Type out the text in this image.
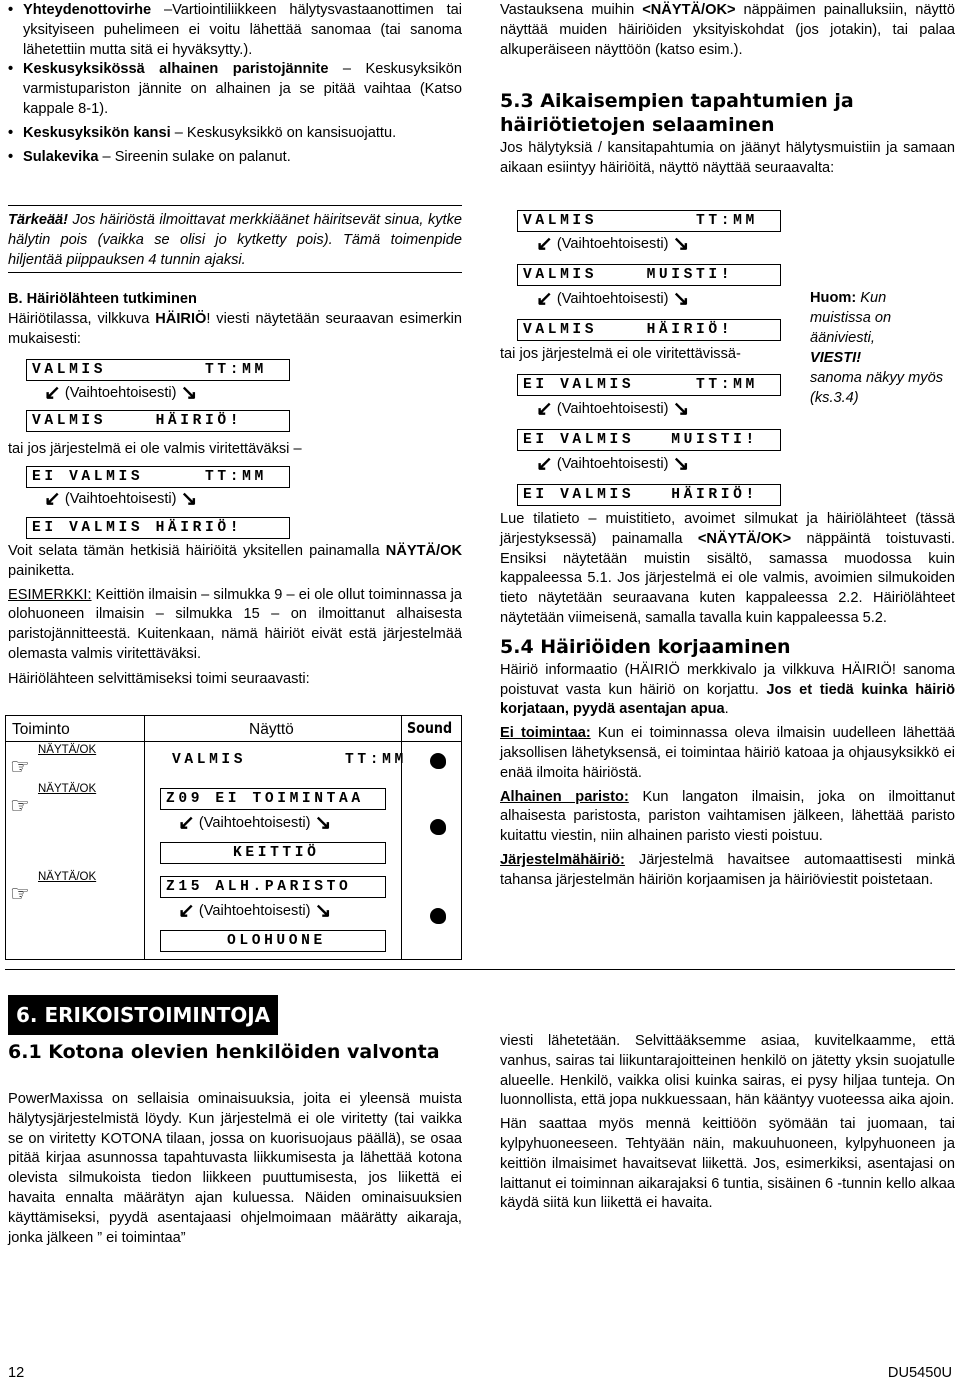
• Yhteydenottovirhe –Vartiointiliikkeen hälytysvastaanottimen tai yksityiseen puhelimeen ei voitu lähettää sanomaa (tai sanoma lähetettiin mutta sitä ei hyväksytty.).
• Keskusyksikössä alhainen paristojännite – Keskusyksikön varmistupariston jännite on alhainen ja se pitää vaihtaa (Katso kappale 8-1).
• Keskusyksikön kansi – Keskusyksikkö on kansisuojattu.
• Sulakevika – Sireenin sulake on palanut.

Tärkeää! Jos häiriöstä ilmoittavat merkkiäänet häiritsevät sinua, kytke hälytin pois (vaikka se olisi jo kytketty pois). Tämä toimenpide hiljentää piippauksen 4 tunnin ajaksi.

B. Häiriölähteen tutkiminen

Häiriötilassa, vilkkuva HÄIRIÖ! viesti näytetään seuraavan esimerkin mukaisesti:

VALMIS        TT:MM
↙ (Vaihtoehtoisesti) ↘
VALMIS    HÄIRIÖ!
tai jos järjestelmä ei ole valmis viritettäväksi –
EI VALMIS     TT:MM
↙ (Vaihtoehtoisesti) ↘
EI VALMIS HÄIRIÖ!

Voit selata tämän hetkisiä häiriöitä yksitellen painamalla NÄYTÄ/OK painiketta.

ESIMERKKI: Keittiön ilmaisin – silmukka 9 – ei ole ollut toiminnassa ja olohuoneen ilmaisin – silmukka 15 – on ilmoittanut alhaisesta paristojännitteestä. Kuitenkaan, nämä häiriöt eivät estä järjestelmää olemasta valmis viritettäväksi.

Häiriölähteen selvittämiseksi toimi seuraavasti:

Toiminto	Näyttö	Sound
NÄYTÄ/OK
☞	VALMIS        TT:MM
NÄYTÄ/OK
☞	Z09 EI TOIMINTAA
↙ (Vaihtoehtoisesti) ↘
KEITTIÖ
NÄYTÄ/OK
☞	Z15 ALH.PARISTO
↙ (Vaihtoehtoisesti) ↘
OLOHUONE

Vastauksena muihin <NÄYTÄ/OK> näppäimen painalluksiin, näyttö näyttää muiden häiriöiden yksityiskohdat (jos jotakin), tai palaa alkuperäiseen näyttöön (katso esim.).

5.3 Aikaisempien tapahtumien ja häiriötietojen selaaminen

Jos hälytyksiä / kansitapahtumia on jäänyt hälytysmuistiin ja samaan aikaan esiintyy häiriöitä, näyttö näyttää seuraavalta:

VALMIS        TT:MM
↙ (Vaihtoehtoisesti) ↘
VALMIS    MUISTI!
↙ (Vaihtoehtoisesti) ↘
VALMIS    HÄIRIÖ!
tai jos järjestelmä ei ole viritettävissä-
EI VALMIS     TT:MM
↙ (Vaihtoehtoisesti) ↘
EI VALMIS   MUISTI!
↙ (Vaihtoehtoisesti) ↘
EI VALMIS   HÄIRIÖ!
Huom: Kun muistissa on ääniviesti,
VIESTI!
sanoma näkyy myös (ks.3.4)

Lue tilatieto – muistitieto, avoimet silmukat ja häiriölähteet (tässä järjestyksessä) painamalla <NÄYTÄ/OK> näppäintä toistuvasti. Ensiksi näytetään muistin sisältö, samassa muodossa kuin kappaleessa 5.1. Jos järjestelmä ei ole valmis, avoimien silmukoiden tieto näytetään seuraavana kuten kappaleessa 2.2. Häiriölähteet näytetään viimeisenä, samalla tavalla kuin kappaleessa 5.2.

5.4 Häiriöiden korjaaminen

Häiriö informaatio (HÄIRIÖ merkkivalo ja vilkkuva HÄIRIÖ! sanoma poistuvat vasta kun häiriö on korjattu. Jos et tiedä kuinka häiriö korjataan, pyydä asentajan apua.

Ei toimintaa: Kun ei toiminnassa oleva ilmaisin uudelleen lähettää jaksollisen lähetyksensä, ei toimintaa häiriö katoaa ja ohjausyksikkö ei enää ilmoita häiriöstä.

Alhainen paristo: Kun langaton ilmaisin, joka on ilmoittanut alhaisesta paristosta, pariston vaihtamisen jälkeen, lähettää paristo kuitattu viestin, niin alhainen paristo viesti poistuu.

Järjestelmähäiriö: Järjestelmä havaitsee automaattisesti minkä tahansa järjestelmän häiriön korjaamisen ja häiriöviestit poistetaan.

6. ERIKOISTOIMINTOJA
6.1 Kotona olevien henkilöiden valvonta

PowerMaxissa on sellaisia ominaisuuksia, joita ei yleensä muista hälytysjärjestelmistä löydy. Kun järjestelmä ei ole viritetty (tai vaikka se on viritetty KOTONA tilaan, jossa on kuorisuojaus päällä), se osaa pitää kirjaa asunnossa tapahtuvasta liikkumisesta ja lähettää kotona olevista silmukoista tiedon liikkeen puuttumisesta, jos liikettä ei havaita ennalta määrätyn ajan kuluessa. Näiden ominaisuuksien käyttämiseksi, pyydä asentajaasi ohjelmoimaan määrätty aikaraja, jonka jälkeen ” ei toimintaa”

viesti lähetetään. Selvittääksemme asiaa, kuvitelkaamme, että vanhus, sairas tai liikuntarajoitteinen henkilö on jätetty yksin suojatulle alueelle. Henkilö, vaikka olisi kuinka sairas, ei pysy hiljaa tunteja. On luonnollista, että jopa nukkuessaan, hän kääntyy vuoteessa aika ajoin.

Hän saattaa myös mennä keittiöön syömään tai juomaan, tai kylpyhuoneeseen. Tehtyään näin, makuuhuoneen, kylpyhuoneen ja keittiön ilmaisimet havaitsevat liikettä. Jos, esimerkiksi, asentajasi on laittanut ei toiminnan aikarajaksi 6 tuntia, sisäinen 6 -tunnin kello alkaa käydä siitä kun liikettä ei havaita.

12	DU5450U
